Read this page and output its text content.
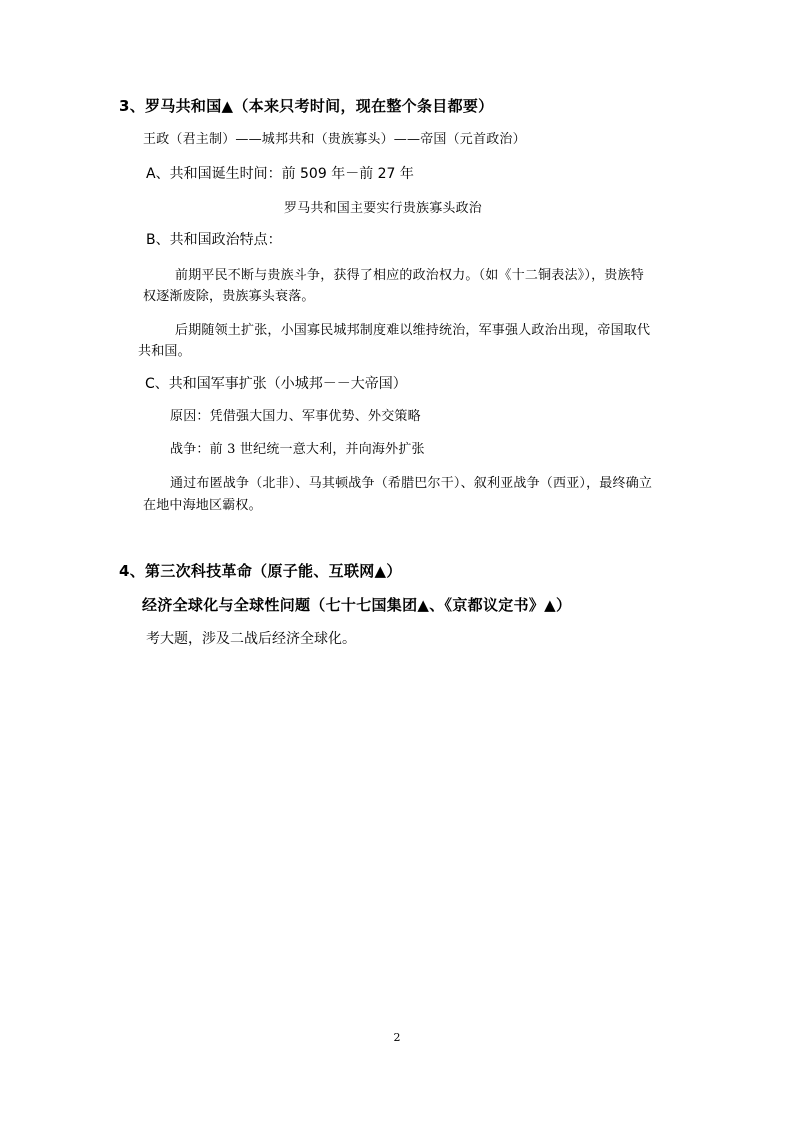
3、罗马共和国▲（本来只考时间，现在整个条目都要）
王政（君主制）——城邦共和（贵族寡头）——帝国（元首政治）
A、共和国诞生时间：前 509 年－前 27 年
罗马共和国主要实行贵族寡头政治
B、共和国政治特点：
前期平民不断与贵族斗争，获得了相应的政治权力。（如《十二铜表法》），贵族特
权逐渐废除，贵族寡头衰落。
后期随领土扩张，小国寡民城邦制度难以维持统治，军事强人政治出现，帝国取代
共和国。
C、共和国军事扩张（小城邦－－大帝国）
原因：凭借强大国力、军事优势、外交策略
战争：前 3 世纪统一意大利，并向海外扩张
通过布匿战争（北非）、马其顿战争（希腊巴尔干）、叙利亚战争（西亚），最终确立
在地中海地区霸权。
4、第三次科技革命（原子能、互联网▲）
经济全球化与全球性问题（七十七国集团▲、《京都议定书》▲）
考大题，涉及二战后经济全球化。
2
